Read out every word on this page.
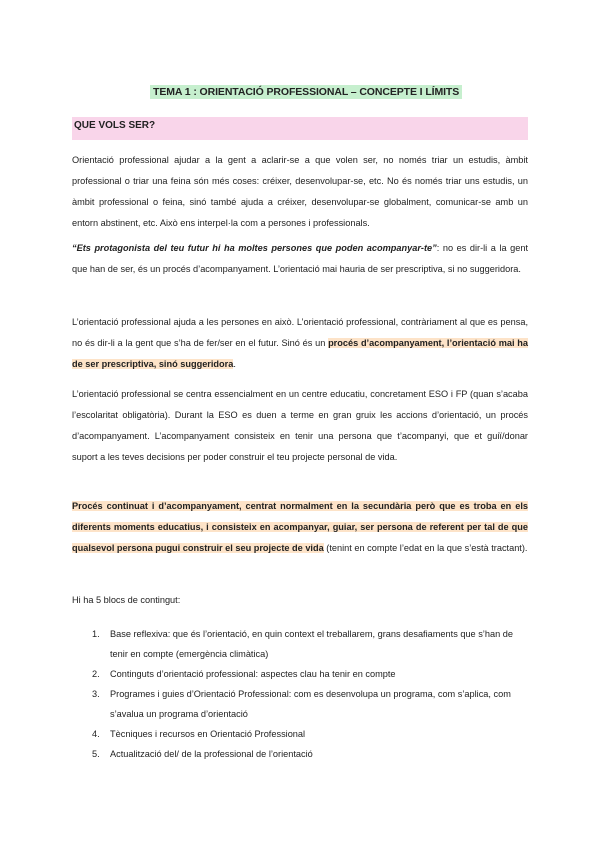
TEMA 1 : ORIENTACIÓ PROFESSIONAL – CONCEPTE I LÍMITS
QUE VOLS SER?

Orientació professional ajudar a la gent a aclarir-se a que volen ser, no només triar un estudis, àmbit professional o triar una feina són més coses: créixer, desenvolupar-se, etc. No és només triar uns estudis, un àmbit professional o feina, sinó també ajuda a créixer, desenvolupar-se globalment, comunicar-se amb un entorn abstinent, etc. Això ens interpel·la com a persones i professionals.

“Ets protagonista del teu futur hi ha moltes persones que poden acompanyar-te”: no es dir-li a la gent que han de ser, és un procés d’acompanyament. L’orientació mai hauria de ser prescriptiva, si no suggeridora.

L’orientació professional ajuda a les persones en això. L’orientació professional, contràriament al que es pensa, no és dir-li a la gent que s’ha de fer/ser en el futur. Sinó és un procés d’acompanyament, l’orientació mai ha de ser prescriptiva, sinó suggeridora.

L’orientació professional se centra essencialment en un centre educatiu, concretament ESO i FP (quan s’acaba l’escolaritat obligatòria). Durant la ESO es duen a terme en gran gruix les accions d’orientació, un procés d’acompanyament. L’acompanyament consisteix en tenir una persona que t’acompanyi, que et guiï/donar suport a les teves decisions per poder construir el teu projecte personal de vida.

Procés continuat i d’acompanyament, centrat normalment en la secundària però que es troba en els diferents moments educatius, i consisteix en acompanyar, guiar, ser persona de referent per tal de que qualsevol persona pugui construir el seu projecte de vida (tenint en compte l’edat en la que s’està tractant).

Hi ha 5 blocs de contingut:

1. Base reflexiva: que és l’orientació, en quin context el treballarem, grans desafiaments que s’han de tenir en compte (emergència climàtica)
2. Continguts d’orientació professional: aspectes clau ha tenir en compte
3. Programes i guies d’Orientació Professional: com es desenvolupa un programa, com s’aplica, com s’avalua un programa d’orientació
4. Tècniques i recursos en Orientació Professional
5. Actualització del/ de la professional de l’orientació
